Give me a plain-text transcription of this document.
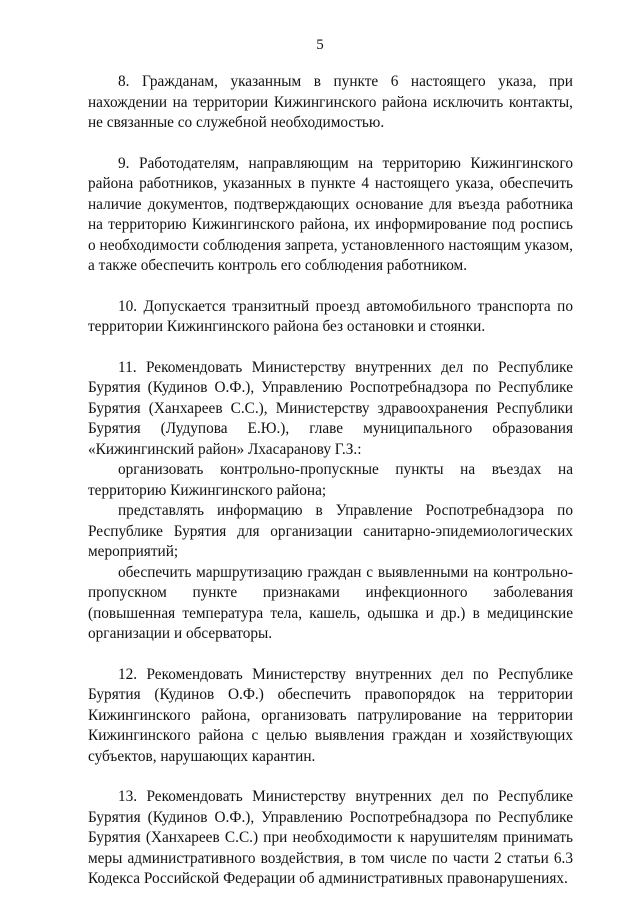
5

8. Гражданам, указанным в пункте 6 настоящего указа, при нахождении на территории Кижингинского района исключить контакты, не связанные со служебной необходимостью.

9. Работодателям, направляющим на территорию Кижингинского района работников, указанных в пункте 4 настоящего указа, обеспечить наличие документов, подтверждающих основание для въезда работника на территорию Кижингинского района, их информирование под роспись о необходимости соблюдения запрета, установленного настоящим указом, а также обеспечить контроль его соблюдения работником.

10. Допускается транзитный проезд автомобильного транспорта по территории Кижингинского района без остановки и стоянки.

11. Рекомендовать Министерству внутренних дел по Республике Бурятия (Кудинов О.Ф.), Управлению Роспотребнадзора по Республике Бурятия (Ханхареев С.С.), Министерству здравоохранения Республики Бурятия (Лудупова Е.Ю.), главе муниципального образования «Кижингинский район» Лхасаранову Г.З.:

организовать контрольно-пропускные пункты на въездах на территорию Кижингинского района;

представлять информацию в Управление Роспотребнадзора по Республике Бурятия для организации санитарно-эпидемиологических мероприятий;

обеспечить маршрутизацию граждан с выявленными на контрольно-пропускном пункте признаками инфекционного заболевания (повышенная температура тела, кашель, одышка и др.) в медицинские организации и обсерваторы.

12. Рекомендовать Министерству внутренних дел по Республике Бурятия (Кудинов О.Ф.) обеспечить правопорядок на территории Кижингинского района, организовать патрулирование на территории Кижингинского района с целью выявления граждан и хозяйствующих субъектов, нарушающих карантин.

13. Рекомендовать Министерству внутренних дел по Республике Бурятия (Кудинов О.Ф.), Управлению Роспотребнадзора по Республике Бурятия (Ханхареев С.С.) при необходимости к нарушителям принимать меры административного воздействия, в том числе по части 2 статьи 6.3 Кодекса Российской Федерации об административных правонарушениях.
